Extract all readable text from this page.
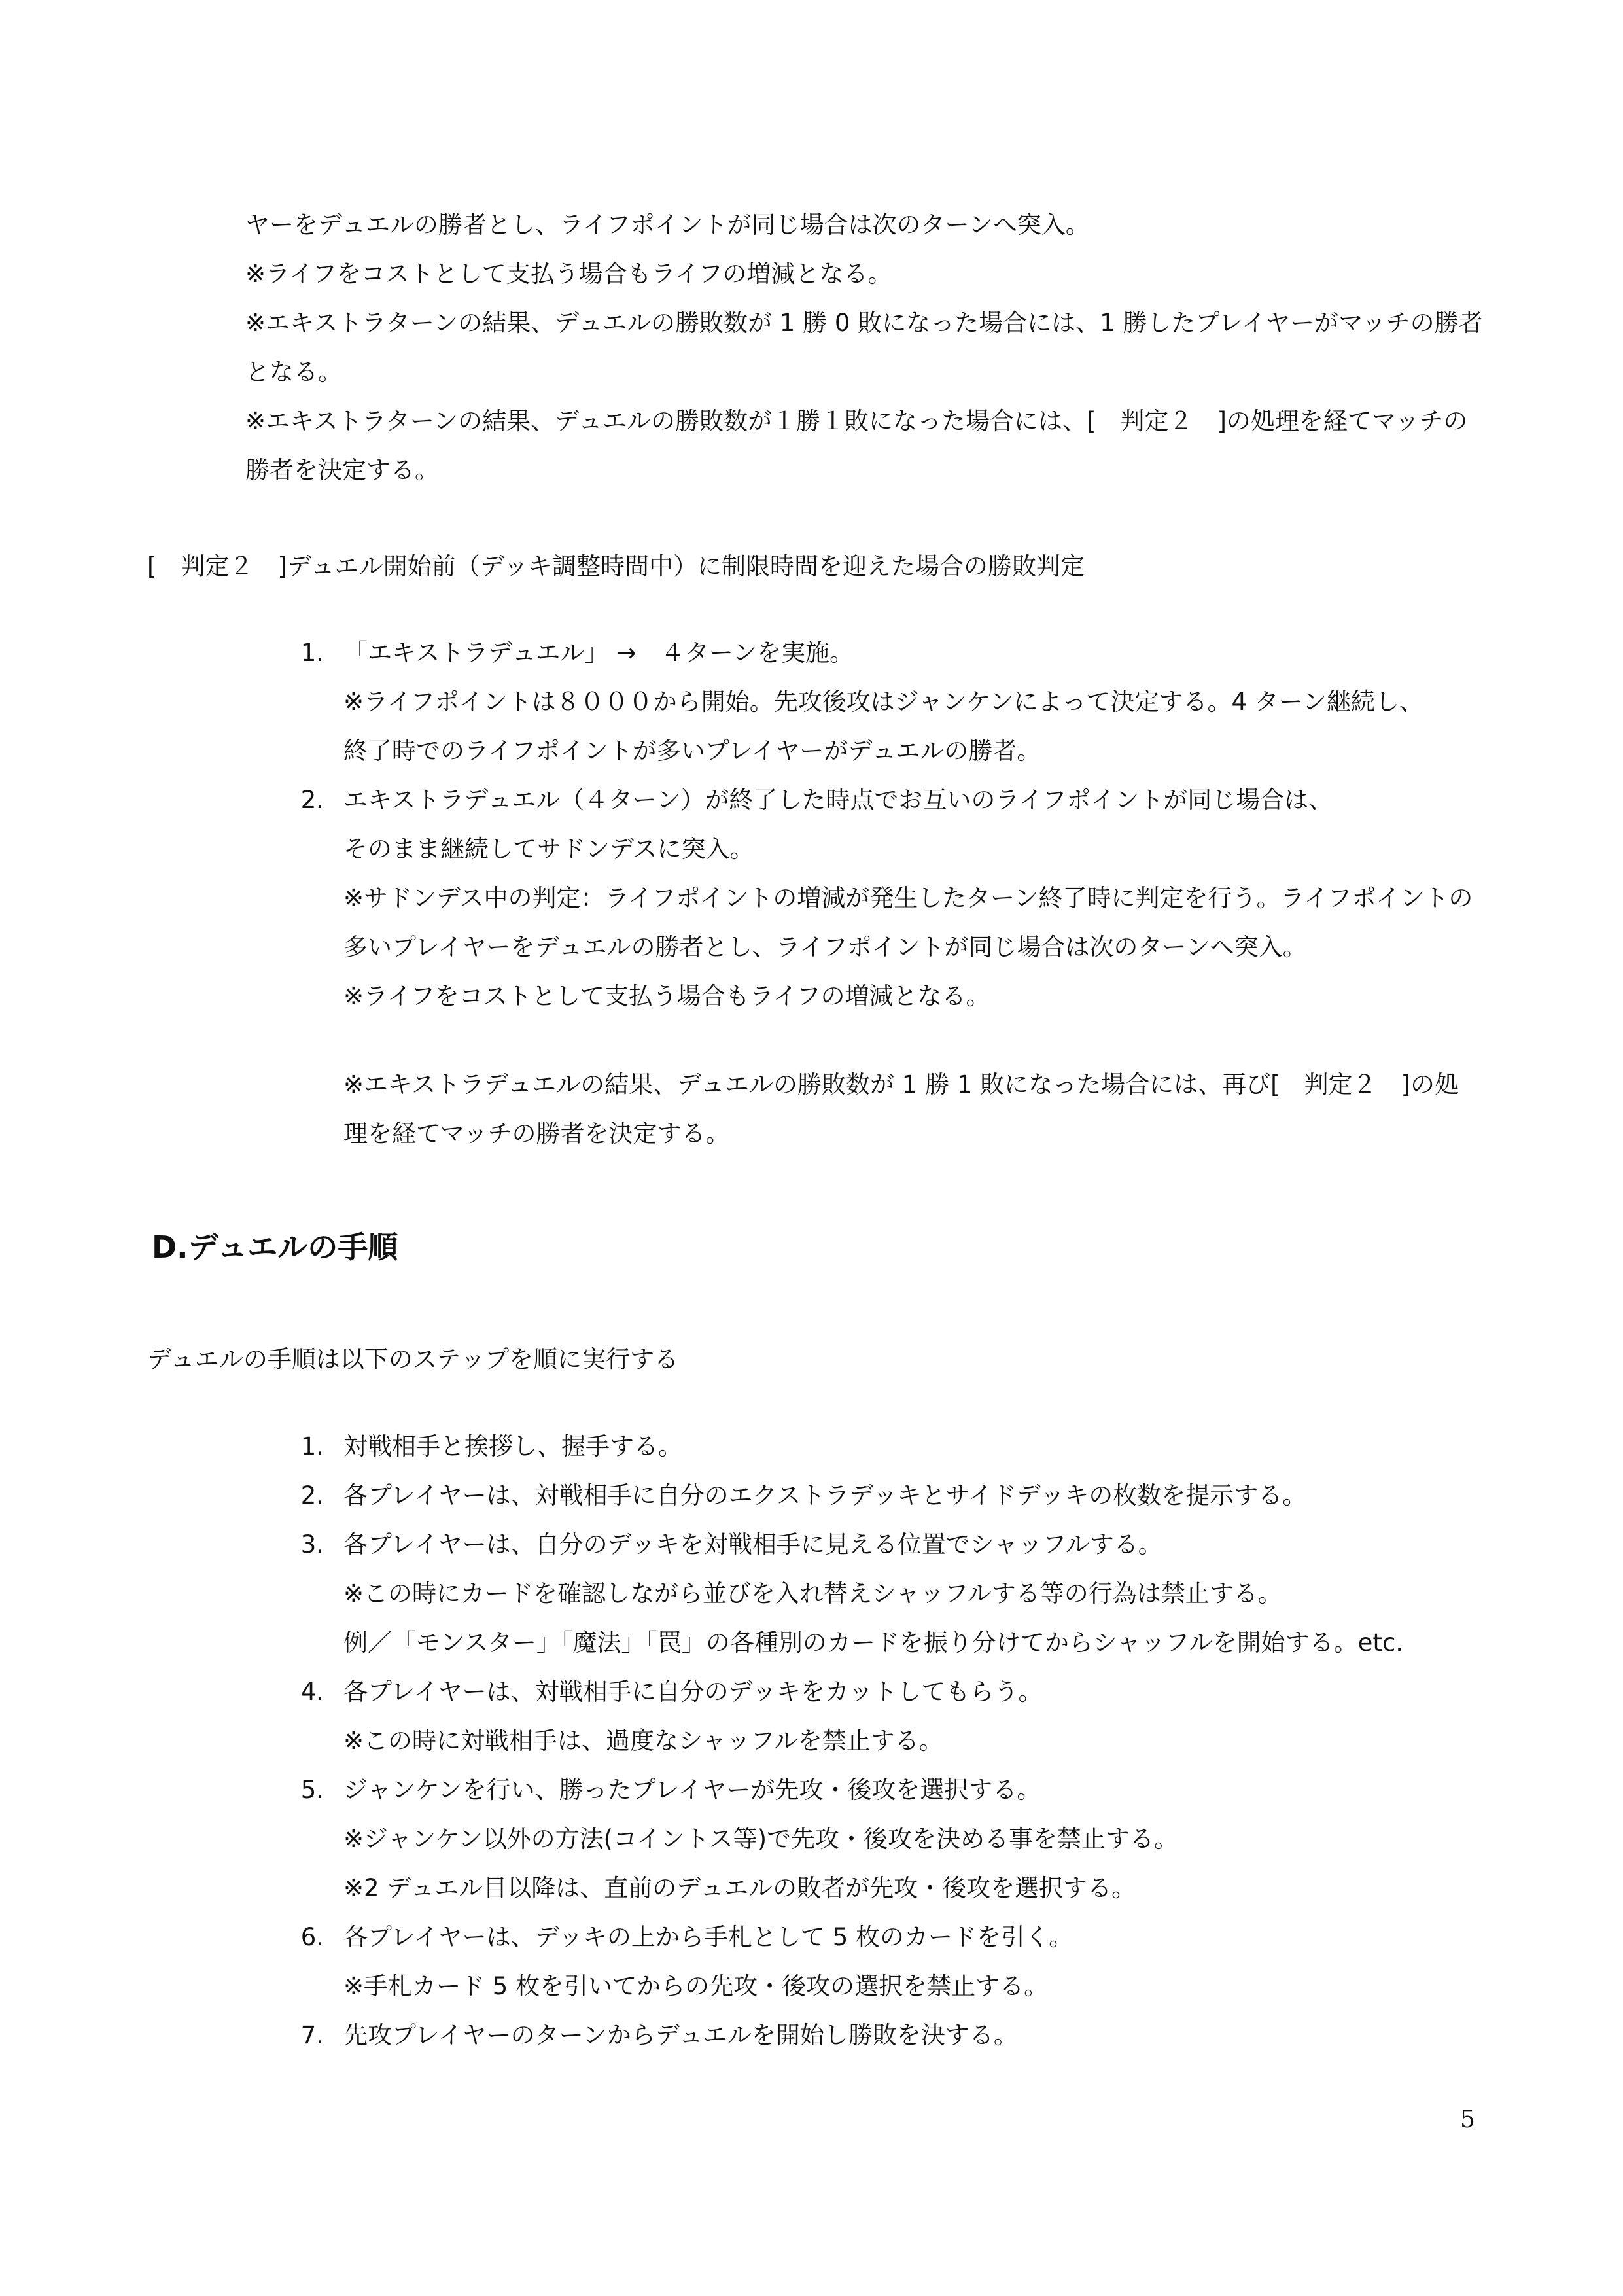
ヤーをデュエルの勝者とし、ライフポイントが同じ場合は次のターンへ突入。
※ライフをコストとして支払う場合もライフの増減となる。
※エキストラターンの結果、デュエルの勝敗数が 1 勝 0 敗になった場合には、1 勝したプレイヤーがマッチの勝者
となる。
※エキストラターンの結果、デュエルの勝敗数が１勝１敗になった場合には、[　判定２　]の処理を経てマッチの
勝者を決定する。
[　判定２　]デュエル開始前（デッキ調整時間中）に制限時間を迎えた場合の勝敗判定
1. 「エキストラデュエル」 →　４ターンを実施。
※ライフポイントは８０００から開始。先攻後攻はジャンケンによって決定する。4 ターン継続し、
終了時でのライフポイントが多いプレイヤーがデュエルの勝者。
2. エキストラデュエル（４ターン）が終了した時点でお互いのライフポイントが同じ場合は、
そのまま継続してサドンデスに突入。
※サドンデス中の判定：ライフポイントの増減が発生したターン終了時に判定を行う。ライフポイントの
多いプレイヤーをデュエルの勝者とし、ライフポイントが同じ場合は次のターンへ突入。
※ライフをコストとして支払う場合もライフの増減となる。
※エキストラデュエルの結果、デュエルの勝敗数が 1 勝 1 敗になった場合には、再び[　判定２　]の処
理を経てマッチの勝者を決定する。
D.デュエルの手順
デュエルの手順は以下のステップを順に実行する
1. 対戦相手と挨拶し、握手する。
2. 各プレイヤーは、対戦相手に自分のエクストラデッキとサイドデッキの枚数を提示する。
3. 各プレイヤーは、自分のデッキを対戦相手に見える位置でシャッフルする。
※この時にカードを確認しながら並びを入れ替えシャッフルする等の行為は禁止する。
例／「モンスター」「魔法」「罠」の各種別のカードを振り分けてからシャッフルを開始する。etc.
4. 各プレイヤーは、対戦相手に自分のデッキをカットしてもらう。
※この時に対戦相手は、過度なシャッフルを禁止する。
5. ジャンケンを行い、勝ったプレイヤーが先攻・後攻を選択する。
※ジャンケン以外の方法(コイントス等)で先攻・後攻を決める事を禁止する。
※2 デュエル目以降は、直前のデュエルの敗者が先攻・後攻を選択する。
6. 各プレイヤーは、デッキの上から手札として 5 枚のカードを引く。
※手札カード 5 枚を引いてからの先攻・後攻の選択を禁止する。
7. 先攻プレイヤーのターンからデュエルを開始し勝敗を決する。
5
